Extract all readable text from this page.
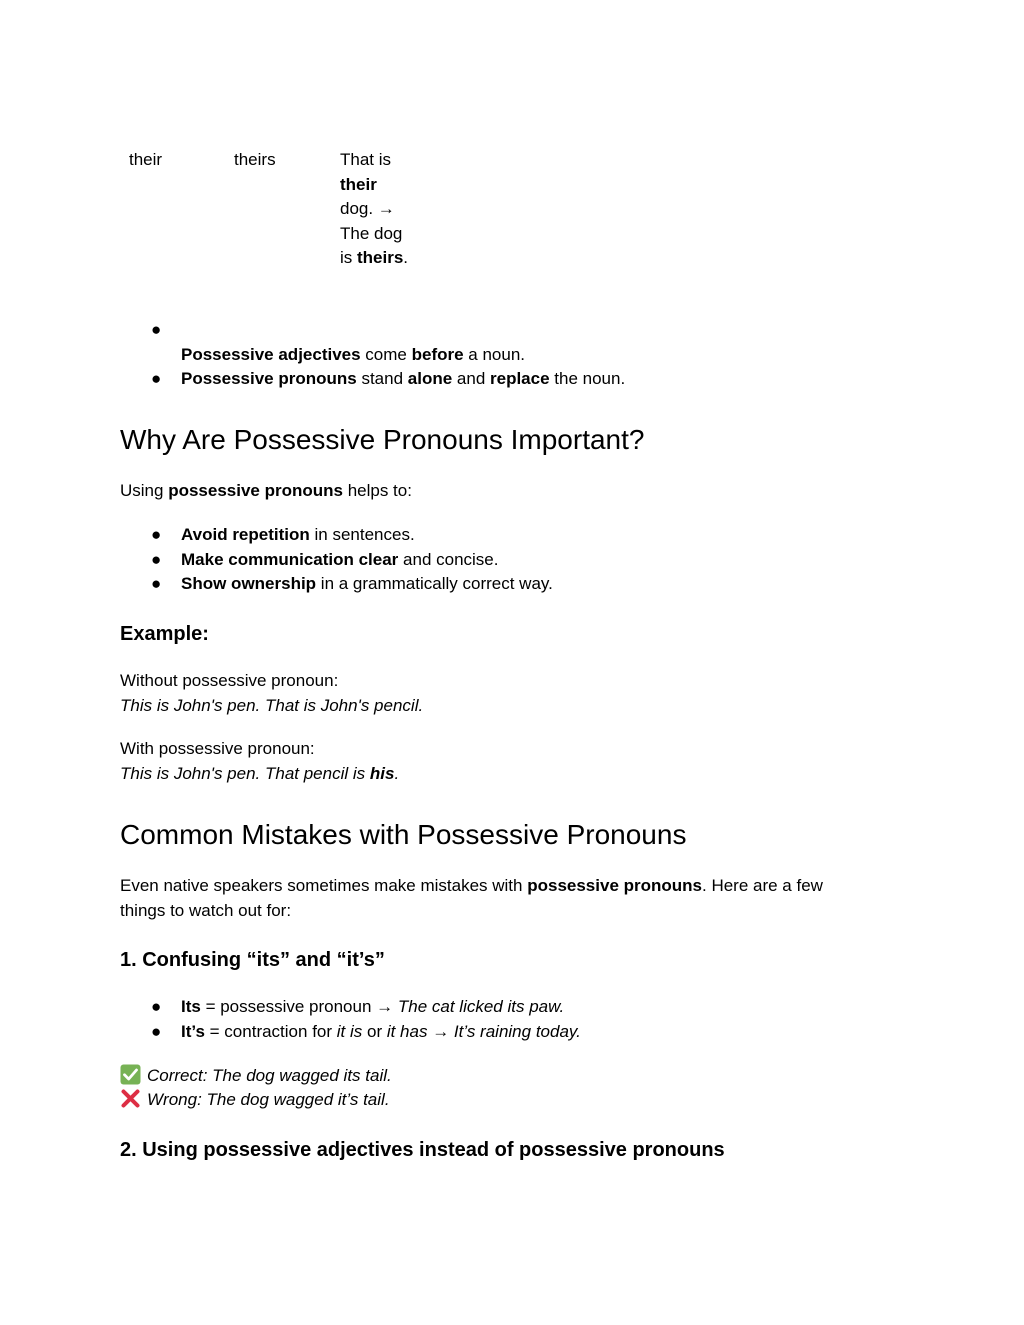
their	theirs	That is
their
dog. →
The dog
is theirs.
●
Possessive adjectives come before a noun.
● Possessive pronouns stand alone and replace the noun.
Why Are Possessive Pronouns Important?

Using possessive pronouns helps to:

● Avoid repetition in sentences.
● Make communication clear and concise.
● Show ownership in a grammatically correct way.
Example:
Without possessive pronoun:
This is John's pen. That is John's pencil.
With possessive pronoun:
This is John's pen. That pencil is his.
Common Mistakes with Possessive Pronouns
Even native speakers sometimes make mistakes with possessive pronouns. Here are a few
things to watch out for:
1. Confusing “its” and “it’s”
● Its = possessive pronoun → The cat licked its paw.
● It’s = contraction for it is or it has → It’s raining today.
Correct: The dog wagged its tail.
Wrong: The dog wagged it’s tail.
2. Using possessive adjectives instead of possessive pronouns
